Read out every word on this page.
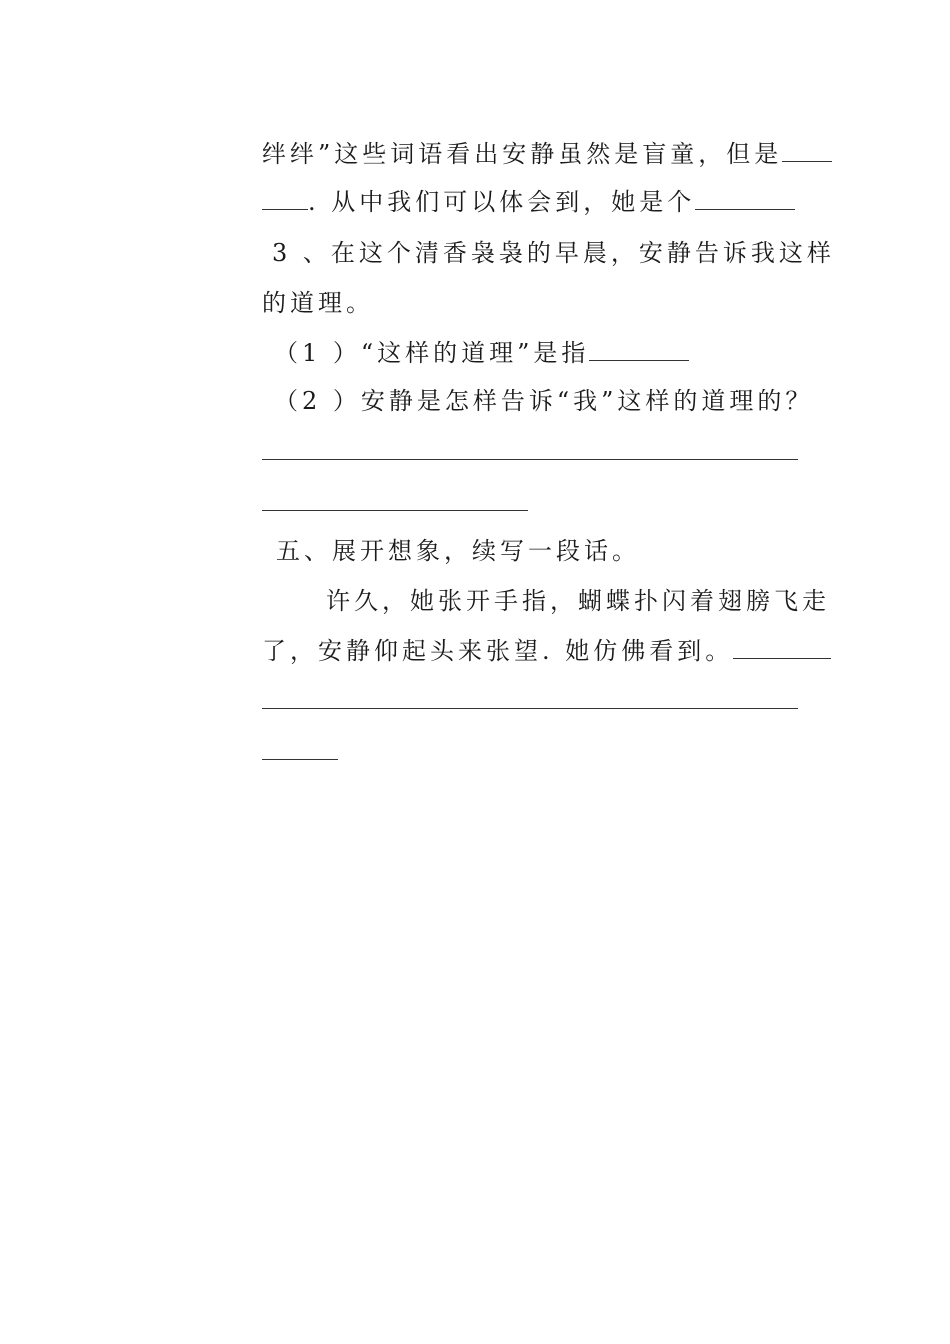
绊绊”这些词语看出安静虽然是盲童，但是
. 从中我们可以体会到，她是个
3 、在这个清香袅袅的早晨，安静告诉我这样
的道理。
（1 ）“这样的道理”是指
（2 ）安静是怎样告诉“我”这样的道理的？
五、展开想象，续写一段话。
许久，她张开手指，蝴蝶扑闪着翅膀飞走
了，安静仰起头来张望. 她仿佛看到。
